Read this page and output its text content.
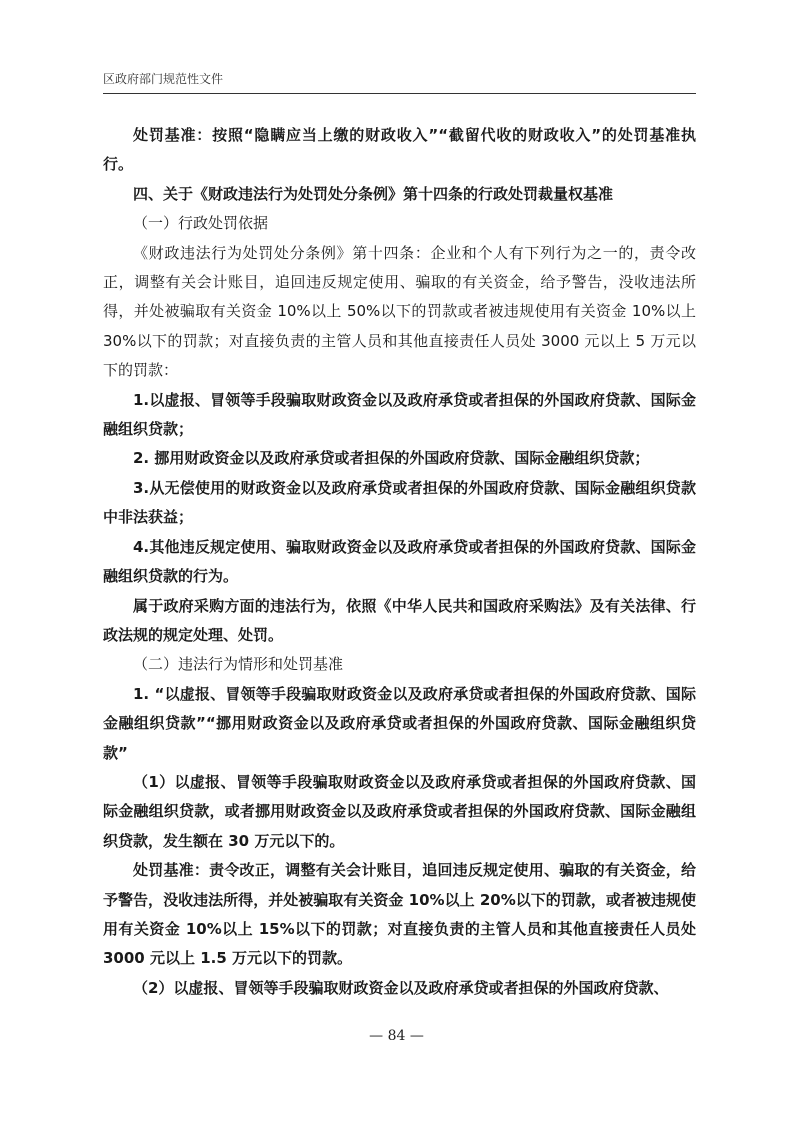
区政府部门规范性文件

处罚基准：按照“隐瞒应当上缴的财政收入”“截留代收的财政收入”的处罚基准执行。

四、关于《财政违法行为处罚处分条例》第十四条的行政处罚裁量权基准

（一）行政处罚依据

《财政违法行为处罚处分条例》第十四条：企业和个人有下列行为之一的，责令改正，调整有关会计账目，追回违反规定使用、骗取的有关资金，给予警告，没收违法所得，并处被骗取有关资金 10%以上 50%以下的罚款或者被违规使用有关资金 10%以上 30%以下的罚款；对直接负责的主管人员和其他直接责任人员处 3000 元以上 5 万元以下的罚款：

1.以虚报、冒领等手段骗取财政资金以及政府承贷或者担保的外国政府贷款、国际金融组织贷款；

2. 挪用财政资金以及政府承贷或者担保的外国政府贷款、国际金融组织贷款；

3.从无偿使用的财政资金以及政府承贷或者担保的外国政府贷款、国际金融组织贷款中非法获益；

4.其他违反规定使用、骗取财政资金以及政府承贷或者担保的外国政府贷款、国际金融组织贷款的行为。

属于政府采购方面的违法行为，依照《中华人民共和国政府采购法》及有关法律、行政法规的规定处理、处罚。

（二）违法行为情形和处罚基准

1. “以虚报、冒领等手段骗取财政资金以及政府承贷或者担保的外国政府贷款、国际金融组织贷款”“挪用财政资金以及政府承贷或者担保的外国政府贷款、国际金融组织贷款”

（1）以虚报、冒领等手段骗取财政资金以及政府承贷或者担保的外国政府贷款、国际金融组织贷款，或者挪用财政资金以及政府承贷或者担保的外国政府贷款、国际金融组织贷款，发生额在 30 万元以下的。

处罚基准：责令改正，调整有关会计账目，追回违反规定使用、骗取的有关资金，给予警告，没收违法所得，并处被骗取有关资金 10%以上 20%以下的罚款，或者被违规使用有关资金 10%以上 15%以下的罚款；对直接负责的主管人员和其他直接责任人员处 3000 元以上 1.5 万元以下的罚款。

（2）以虚报、冒领等手段骗取财政资金以及政府承贷或者担保的外国政府贷款、

— 84 —
